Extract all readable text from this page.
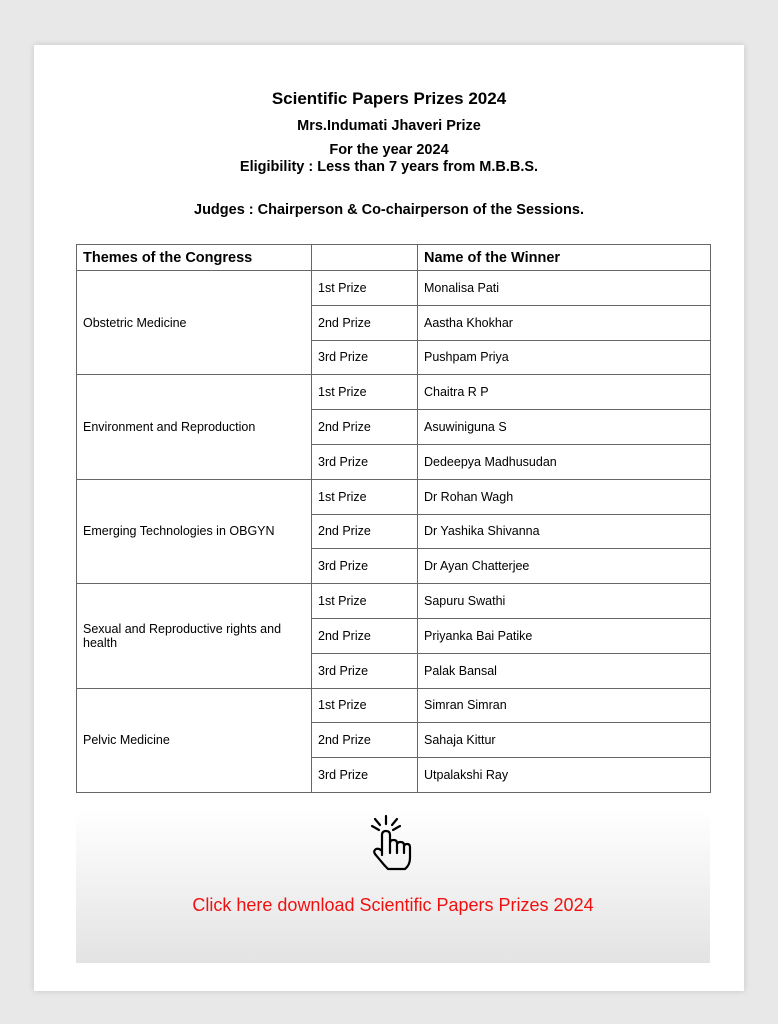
Scientific Papers Prizes 2024
Mrs.Indumati Jhaveri Prize
For the year 2024
Eligibility : Less than 7 years from M.B.B.S.
Judges : Chairperson & Co-chairperson of the Sessions.
Themes of the Congress		Name of the Winner
Obstetric Medicine	1st Prize	Monalisa Pati
	2nd Prize	Aastha Khokhar
	3rd Prize	Pushpam Priya
Environment and Reproduction	1st Prize	Chaitra R P
	2nd Prize	Asuwiniguna S
	3rd Prize	Dedeepya Madhusudan
Emerging Technologies in OBGYN	1st Prize	Dr Rohan Wagh
	2nd Prize	Dr Yashika Shivanna
	3rd Prize	Dr Ayan Chatterjee
Sexual and Reproductive rights and health	1st Prize	Sapuru Swathi
	2nd Prize	Priyanka Bai Patike
	3rd Prize	Palak Bansal
Pelvic Medicine	1st Prize	Simran Simran
	2nd Prize	Sahaja Kittur
	3rd Prize	Utpalakshi Ray
Click here download Scientific Papers Prizes 2024
